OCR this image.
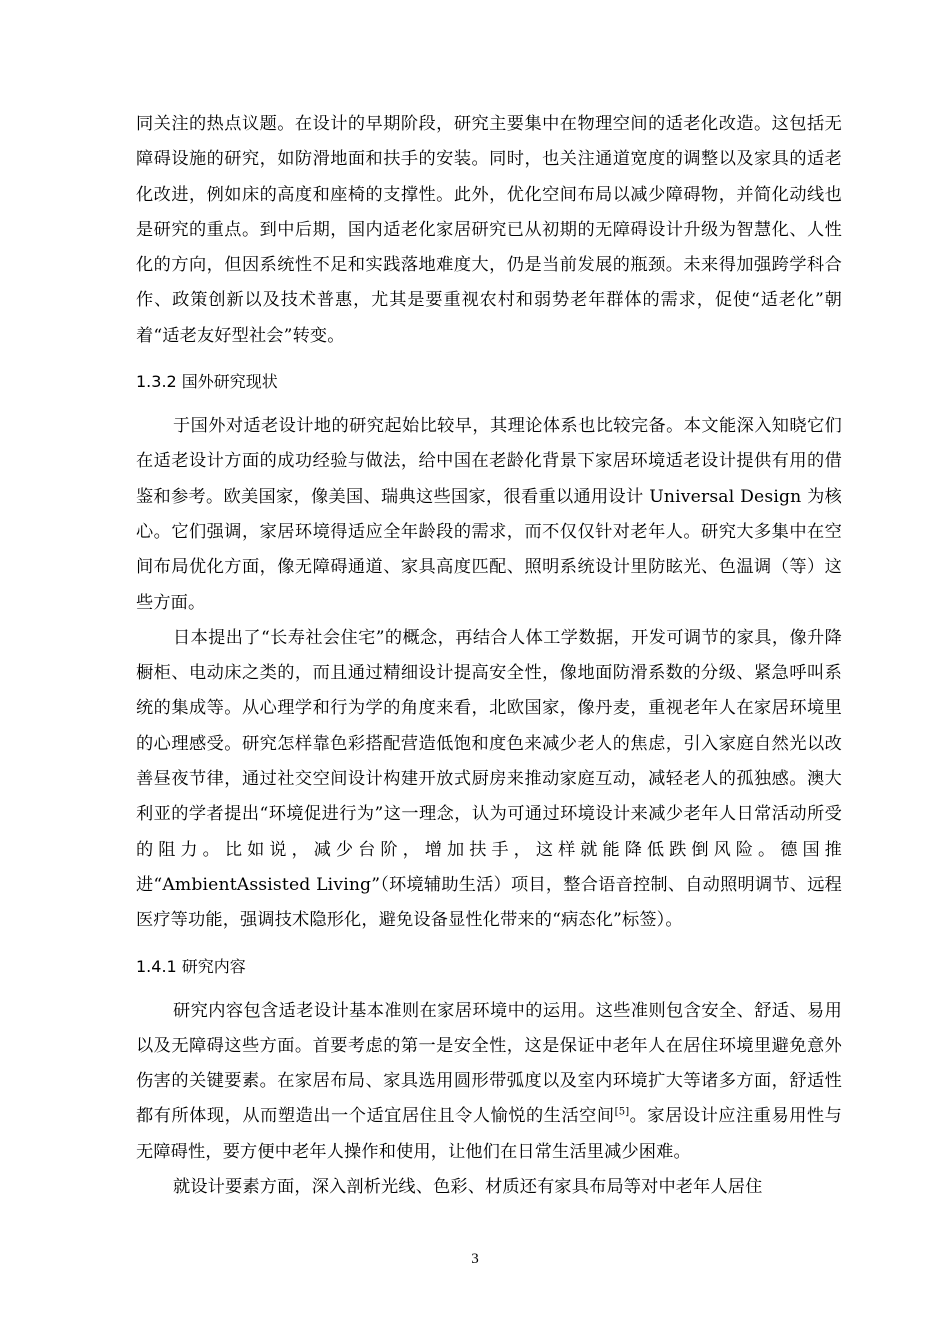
同关注的热点议题。在设计的早期阶段，研究主要集中在物理空间的适老化改造。这包括无障碍设施的研究，如防滑地面和扶手的安装。同时，也关注通道宽度的调整以及家具的适老化改进，例如床的高度和座椅的支撑性。此外，优化空间布局以减少障碍物，并简化动线也是研究的重点。到中后期，国内适老化家居研究已从初期的无障碍设计升级为智慧化、人性化的方向，但因系统性不足和实践落地难度大，仍是当前发展的瓶颈。未来得加强跨学科合作、政策创新以及技术普惠，尤其是要重视农村和弱势老年群体的需求，促使“适老化”朝着“适老友好型社会”转变。

1.3.2 国外研究现状

于国外对适老设计地的研究起始比较早，其理论体系也比较完备。本文能深入知晓它们在适老设计方面的成功经验与做法，给中国在老龄化背景下家居环境适老设计提供有用的借鉴和参考。欧美国家，像美国、瑞典这些国家，很看重以通用设计 Universal Design 为核心。它们强调，家居环境得适应全年龄段的需求，而不仅仅针对老年人。研究大多集中在空间布局优化方面，像无障碍通道、家具高度匹配、照明系统设计里防眩光、色温调（等）这些方面。

日本提出了“长寿社会住宅”的概念，再结合人体工学数据，开发可调节的家具，像升降橱柜、电动床之类的，而且通过精细设计提高安全性，像地面防滑系数的分级、紧急呼叫系统的集成等。从心理学和行为学的角度来看，北欧国家，像丹麦，重视老年人在家居环境里的心理感受。研究怎样靠色彩搭配营造低饱和度色来减少老人的焦虑，引入家庭自然光以改善昼夜节律，通过社交空间设计构建开放式厨房来推动家庭互动，减轻老人的孤独感。澳大利亚的学者提出“环境促进行为”这一理念，认为可通过环境设计来减少老年人日常活动所受的阻力。比如说，减少台阶，增加扶手，这样就能降低跌倒风险。德国推进“AmbientAssisted Living”（环境辅助生活）项目，整合语音控制、自动照明调节、远程医疗等功能，强调技术隐形化，避免设备显性化带来的“病态化”标签）。

1.4.1 研究内容

研究内容包含适老设计基本准则在家居环境中的运用。这些准则包含安全、舒适、易用以及无障碍这些方面。首要考虑的第一是安全性，这是保证中老年人在居住环境里避免意外伤害的关键要素。在家居布局、家具选用圆形带弧度以及室内环境扩大等诸多方面，舒适性都有所体现，从而塑造出一个适宜居住且令人愉悦的生活空间[5]。家居设计应注重易用性与无障碍性，要方便中老年人操作和使用，让他们在日常生活里减少困难。

就设计要素方面，深入剖析光线、色彩、材质还有家具布局等对中老年人居住

3
